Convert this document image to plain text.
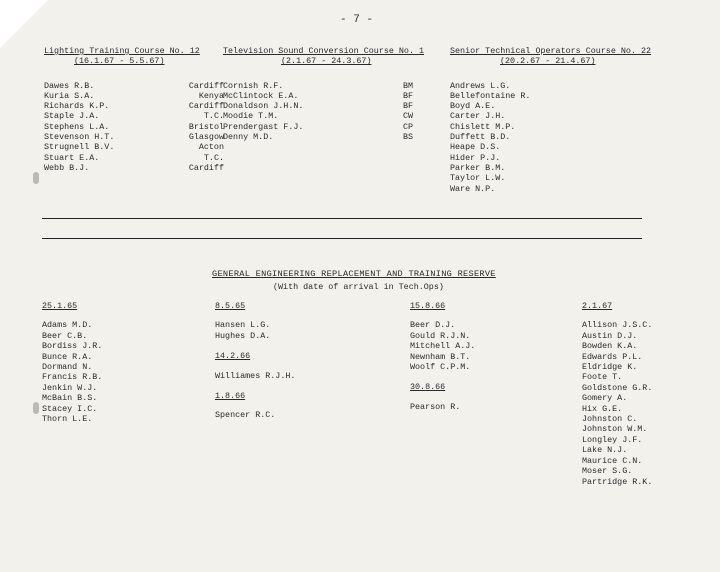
- 7 -
Lighting Training Course No. 12
(16.1.67 - 5.5.67)
Dawes R.B.	Cardiff
Kuria S.A.	Kenya
Richards K.P.	Cardiff
Staple J.A.	T.C.
Stephens L.A.	Bristol
Stevenson H.T.	Glasgow
Strugnell B.V.	Acton
Stuart E.A.	T.C.
Webb B.J.	Cardiff
Television Sound Conversion Course No. 1
(2.1.67 - 24.3.67)
Cornish R.F.	BM
McClintock E.A.	BF
Donaldson J.H.N.	BF
Moodie T.M.	CW
Prendergast F.J.	CP
Denny M.D.	BS
Senior Technical Operators Course No. 22
(20.2.67 - 21.4.67)
Andrews L.G.
Bellefontaine R.
Boyd A.E.
Carter J.H.
Chislett M.P.
Duffett B.D.
Heape D.S.
Hider P.J.
Parker B.M.
Taylor L.W.
Ware N.P.
GENERAL ENGINEERING REPLACEMENT AND TRAINING RESERVE
(With date of arrival in Tech.Ops)
25.1.65
Adams M.D.
Beer C.B.
Bordiss J.R.
Bunce R.A.
Dormand N.
Francis R.B.
Jenkin W.J.
McBain B.S.
Stacey I.C.
Thorn L.E.
8.5.65
Hansen L.G.
Hughes D.A.
14.2.66
Williames R.J.H.
1.8.66
Spencer R.C.
15.8.66
Beer D.J.
Gould R.J.N.
Mitchell A.J.
Newnham B.T.
Woolf C.P.M.
30.8.66
Pearson R.
2.1.67
Allison J.S.C.
Austin D.J.
Bowden K.A.
Edwards P.L.
Eldridge K.
Foote T.
Goldstone G.R.
Gomery A.
Hix G.E.
Johnston C.
Johnston W.M.
Longley J.F.
Lake N.J.
Maurice C.N.
Moser S.G.
Partridge R.K.
